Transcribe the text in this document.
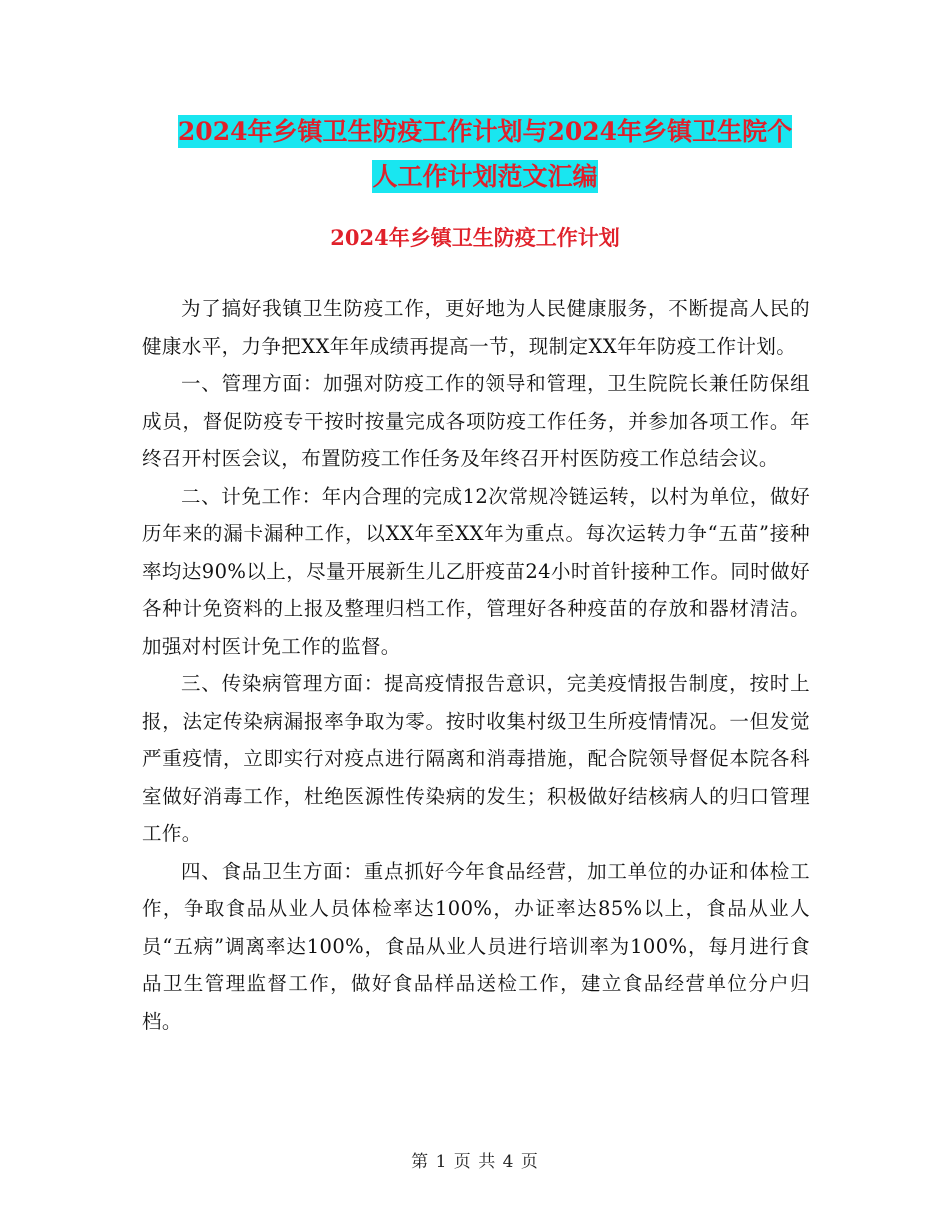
2024年乡镇卫生防疫工作计划与2024年乡镇卫生院个
人工作计划范文汇编
2024年乡镇卫生防疫工作计划

为了搞好我镇卫生防疫工作，更好地为人民健康服务，不断提高人民的健康水平，力争把XX年年成绩再提高一节，现制定XX年年防疫工作计划。

一、管理方面：加强对防疫工作的领导和管理，卫生院院长兼任防保组成员，督促防疫专干按时按量完成各项防疫工作任务，并参加各项工作。年终召开村医会议，布置防疫工作任务及年终召开村医防疫工作总结会议。

二、计免工作：年内合理的完成12次常规冷链运转，以村为单位，做好历年来的漏卡漏种工作，以XX年至XX年为重点。每次运转力争“五苗”接种率均达90%以上，尽量开展新生儿乙肝疫苗24小时首针接种工作。同时做好各种计免资料的上报及整理归档工作，管理好各种疫苗的存放和器材清洁。加强对村医计免工作的监督。

三、传染病管理方面：提高疫情报告意识，完美疫情报告制度，按时上报，法定传染病漏报率争取为零。按时收集村级卫生所疫情情况。一但发觉严重疫情，立即实行对疫点进行隔离和消毒措施，配合院领导督促本院各科室做好消毒工作，杜绝医源性传染病的发生；积极做好结核病人的归口管理工作。

四、食品卫生方面：重点抓好今年食品经营，加工单位的办证和体检工作，争取食品从业人员体检率达100%，办证率达85%以上，食品从业人员“五病”调离率达100%，食品从业人员进行培训率为100%，每月进行食品卫生管理监督工作，做好食品样品送检工作，建立食品经营单位分户归档。

第 1 页 共 4 页
